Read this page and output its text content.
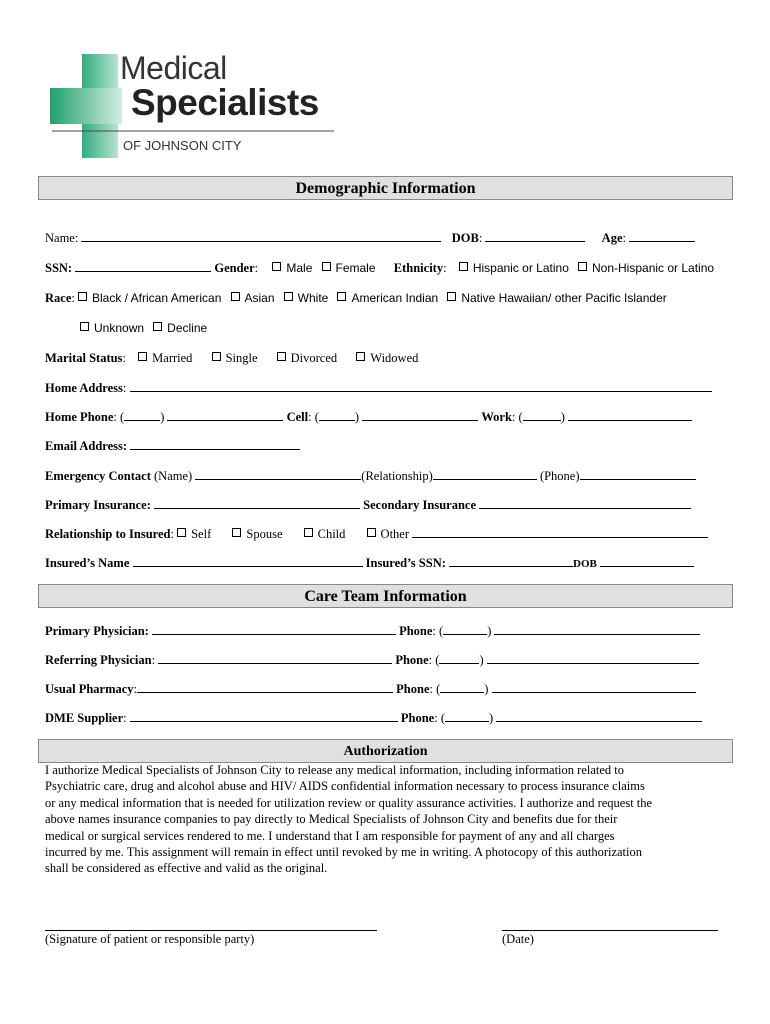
Medical
Specialists
OF JOHNSON CITY
Demographic Information
Name:	DOB:	Age:
SSN:	Gender:  Male Female Ethnicity:  Hispanic or Latino Non-Hispanic or Latino
Race: Black / African American Asian White American Indian Native Hawaiian/ other Pacific Islander
Unknown Decline
Marital Status:  Married	Single	Divorced	Widowed
Home Address:
Home Phone: (	)	Cell: (	)	Work: (	)
Email Address:
Emergency Contact (Name)	(Relationship)	(Phone)
Primary Insurance:	Secondary Insurance
Relationship to Insured: Self	Spouse	Child	Other
Insured’s Name	Insured’s SSN:	DOB
Care Team Information
Primary Physician:	Phone: (	)
Referring Physician:	Phone: (	)
Usual Pharmacy:	Phone: (	)
DME Supplier:	Phone: (	)
Authorization
I authorize Medical Specialists of Johnson City to release any medical information, including information related to
Psychiatric care, drug and alcohol abuse and HIV/ AIDS confidential information necessary to process insurance claims
or any medical information that is needed for utilization review or quality assurance activities. I authorize and request the
above names insurance companies to pay directly to Medical Specialists of Johnson City and benefits due for their
medical or surgical services rendered to me. I understand that I am responsible for payment of any and all charges
incurred by me. This assignment will remain in effect until revoked by me in writing. A photocopy of this authorization
shall be considered as effective and valid as the original.
(Signature of patient or responsible party)	(Date)
